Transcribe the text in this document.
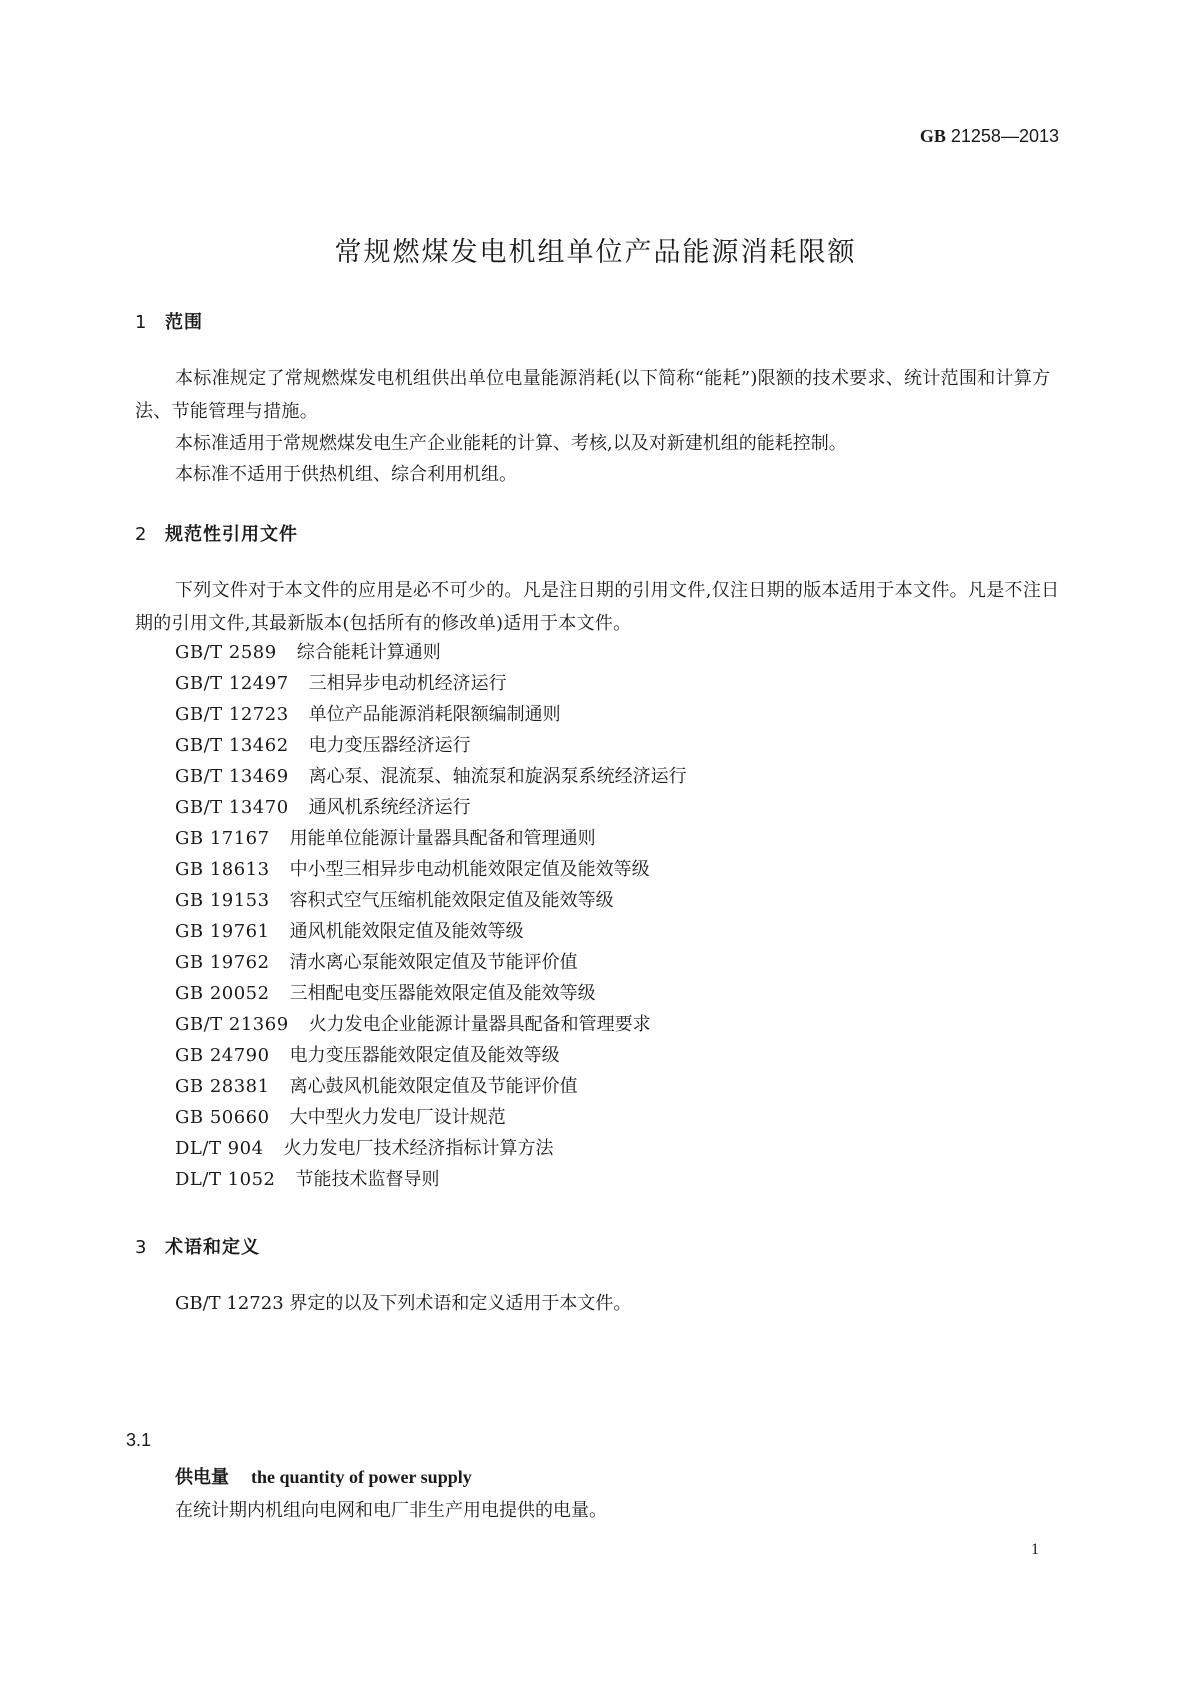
GB 21258—2013
常规燃煤发电机组单位产品能源消耗限额
1 范围
本标准规定了常规燃煤发电机组供出单位电量能源消耗(以下简称“能耗”)限额的技术要求、统计范围和计算方法、节能管理与措施。
本标准适用于常规燃煤发电生产企业能耗的计算、考核,以及对新建机组的能耗控制。
本标准不适用于供热机组、综合利用机组。
2 规范性引用文件
下列文件对于本文件的应用是必不可少的。凡是注日期的引用文件,仅注日期的版本适用于本文件。凡是不注日期的引用文件,其最新版本(包括所有的修改单)适用于本文件。
GB/T 2589 综合能耗计算通则
GB/T 12497 三相异步电动机经济运行
GB/T 12723 单位产品能源消耗限额编制通则
GB/T 13462 电力变压器经济运行
GB/T 13469 离心泵、混流泵、轴流泵和旋涡泵系统经济运行
GB/T 13470 通风机系统经济运行
GB 17167 用能单位能源计量器具配备和管理通则
GB 18613 中小型三相异步电动机能效限定值及能效等级
GB 19153 容积式空气压缩机能效限定值及能效等级
GB 19761 通风机能效限定值及能效等级
GB 19762 清水离心泵能效限定值及节能评价值
GB 20052 三相配电变压器能效限定值及能效等级
GB/T 21369 火力发电企业能源计量器具配备和管理要求
GB 24790 电力变压器能效限定值及能效等级
GB 28381 离心鼓风机能效限定值及节能评价值
GB 50660 大中型火力发电厂设计规范
DL/T 904 火力发电厂技术经济指标计算方法
DL/T 1052 节能技术监督导则
3 术语和定义
GB/T 12723 界定的以及下列术语和定义适用于本文件。
3.1
供电量 the quantity of power supply
在统计期内机组向电网和电厂非生产用电提供的电量。
1
